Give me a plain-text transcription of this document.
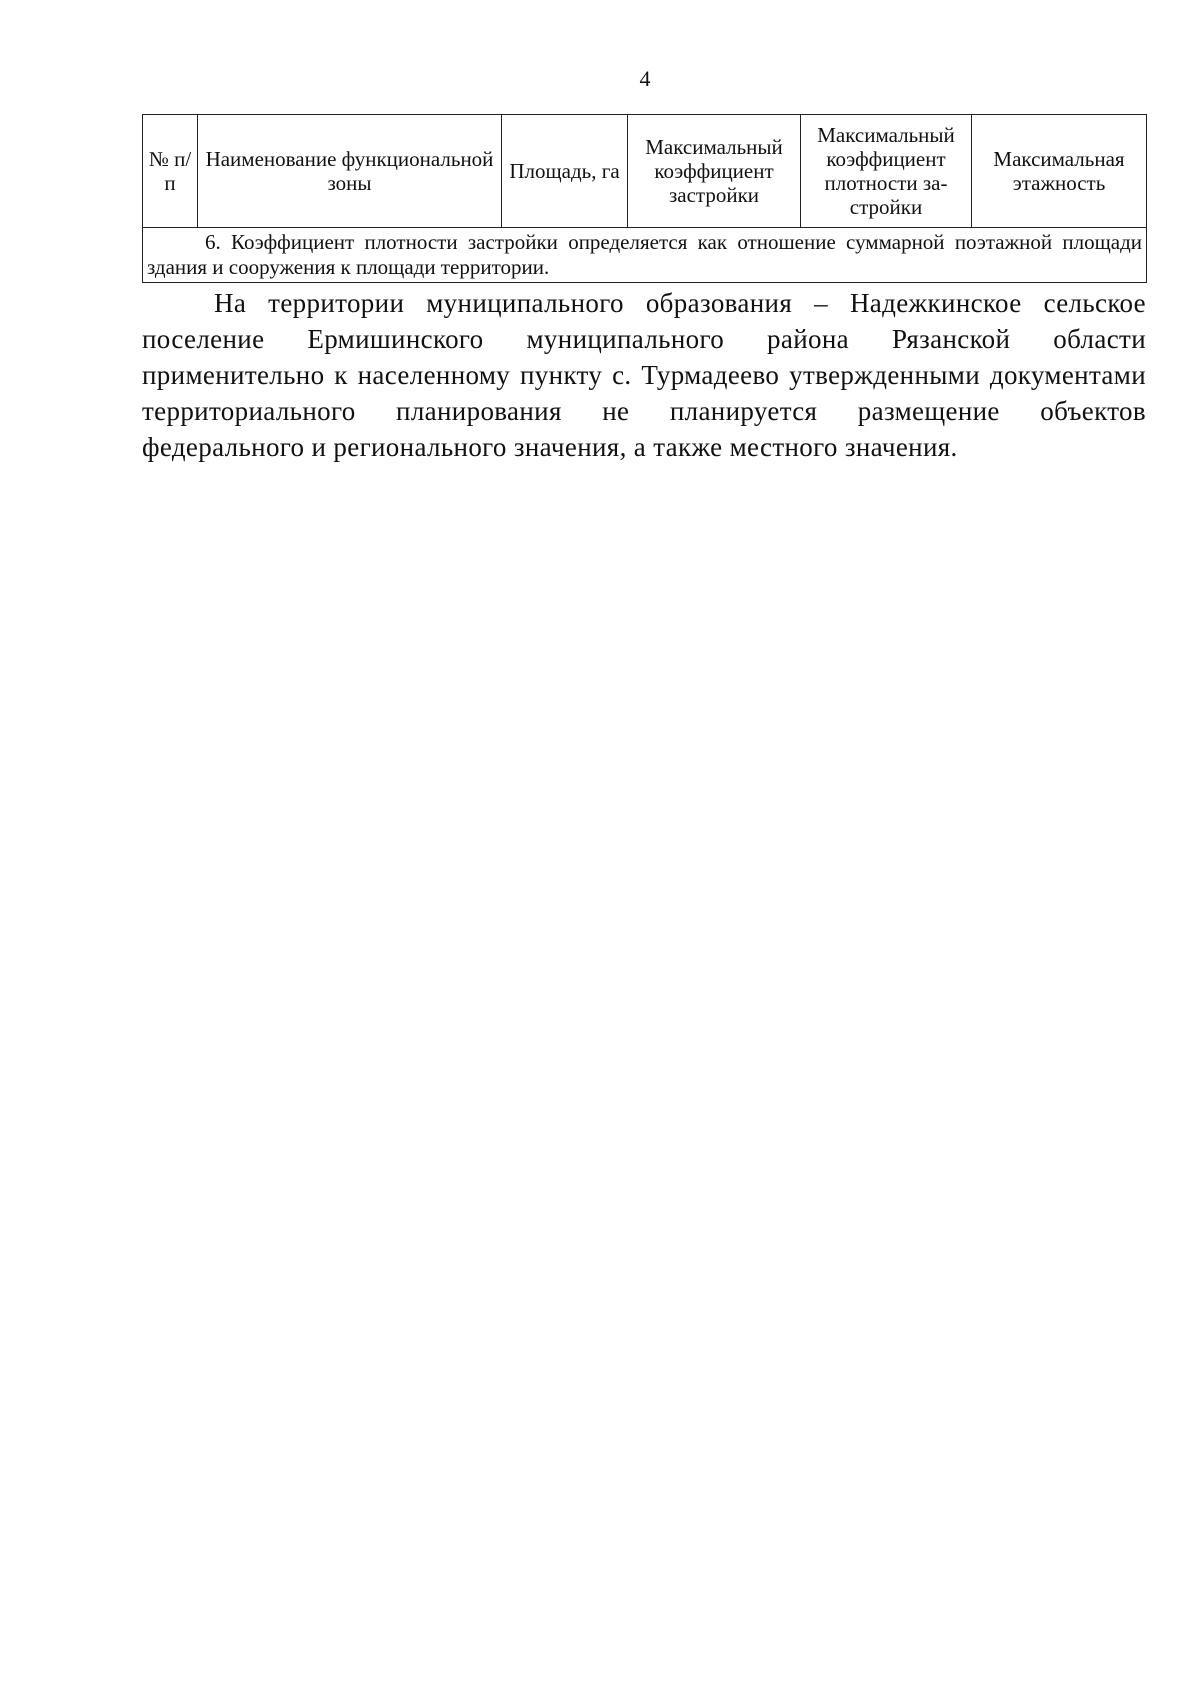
4
№ п/п	Наименование функциональной зоны	Площадь, га	Максимальный коэффициент застройки	Максимальный коэффициент плотности за-стройки	Максимальная этажность
6. Коэффициент плотности застройки определяется как отношение суммарной поэтажной площади здания и сооружения к площади территории.

На территории муниципального образования – Надежкинское сельское поселение Ермишинского муниципального района Рязанской области применительно к населенному пункту с. Турмадеево утвержденными документами территориального планирования не планируется размещение объектов федерального и регионального значения, а также местного значения.
